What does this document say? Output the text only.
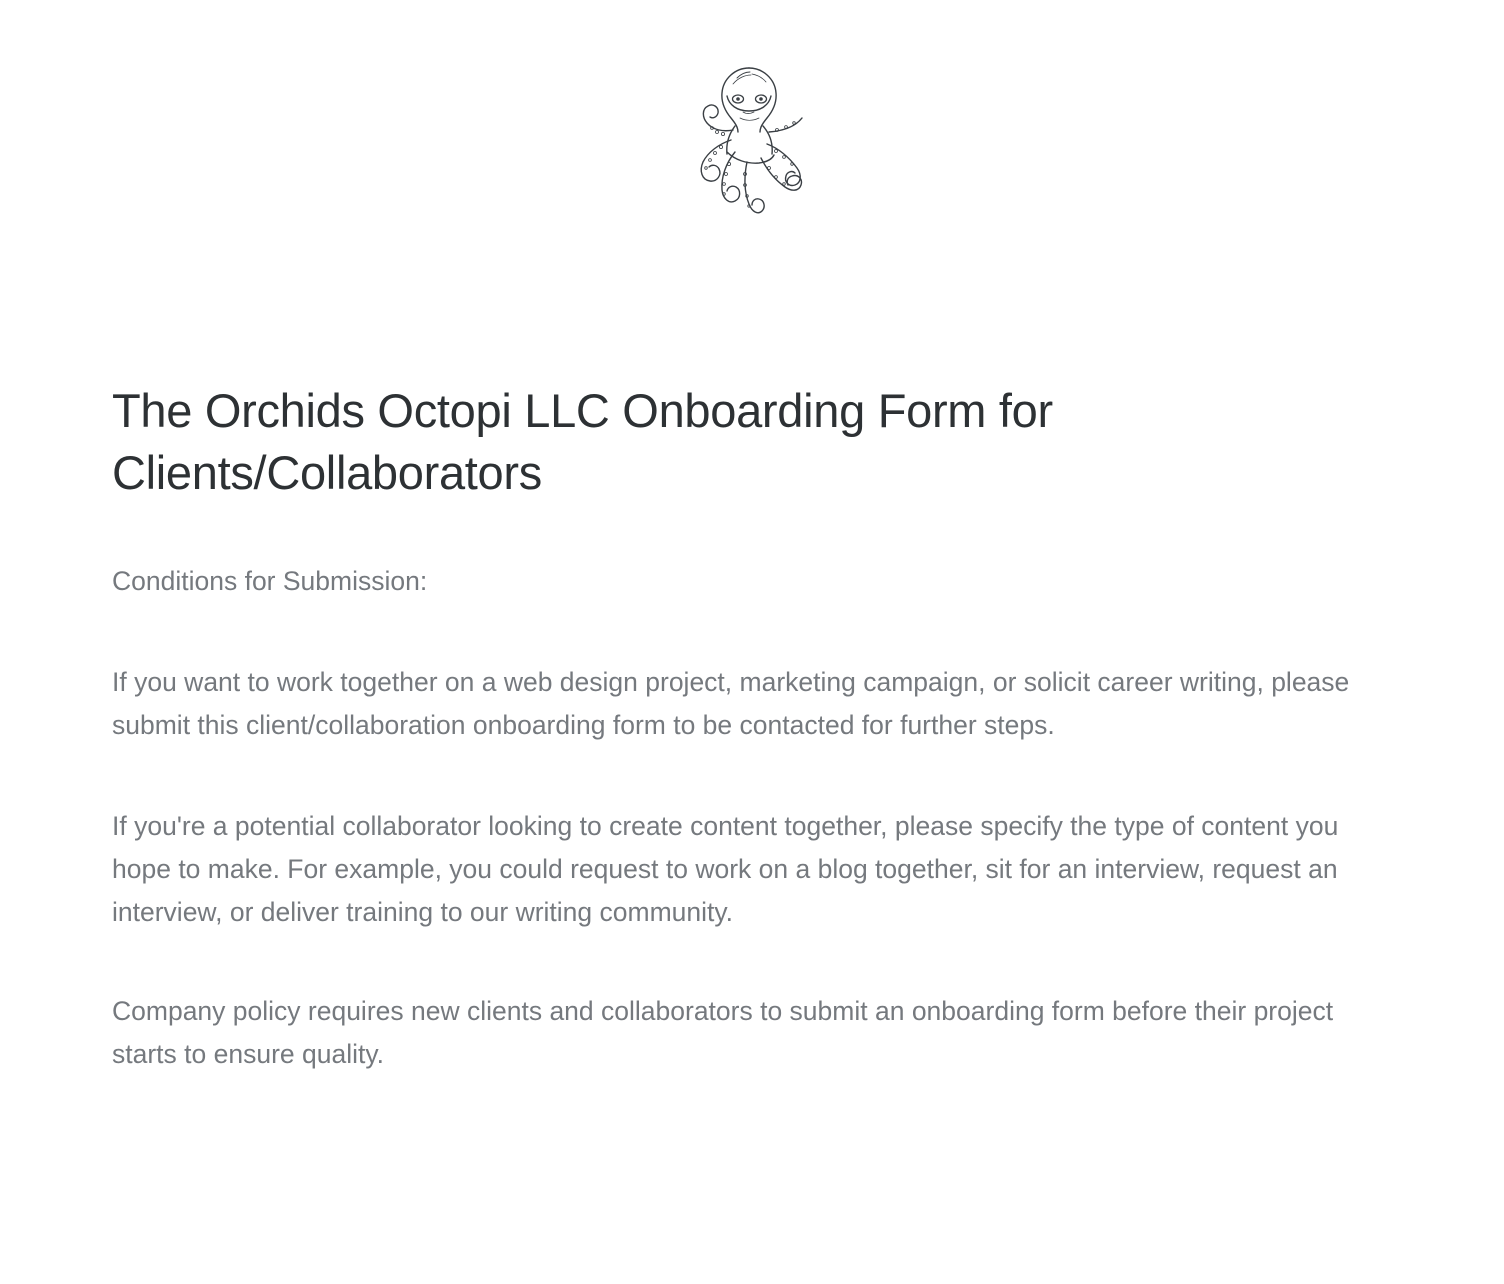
The Orchids Octopi LLC Onboarding Form for Clients/Collaborators

Conditions for Submission:

If you want to work together on a web design project, marketing campaign, or solicit career writing, please submit this client/collaboration onboarding form to be contacted for further steps.

If you're a potential collaborator looking to create content together, please specify the type of content you hope to make. For example, you could request to work on a blog together, sit for an interview, request an interview, or deliver training to our writing community.

Company policy requires new clients and collaborators to submit an onboarding form before their project starts to ensure quality.
